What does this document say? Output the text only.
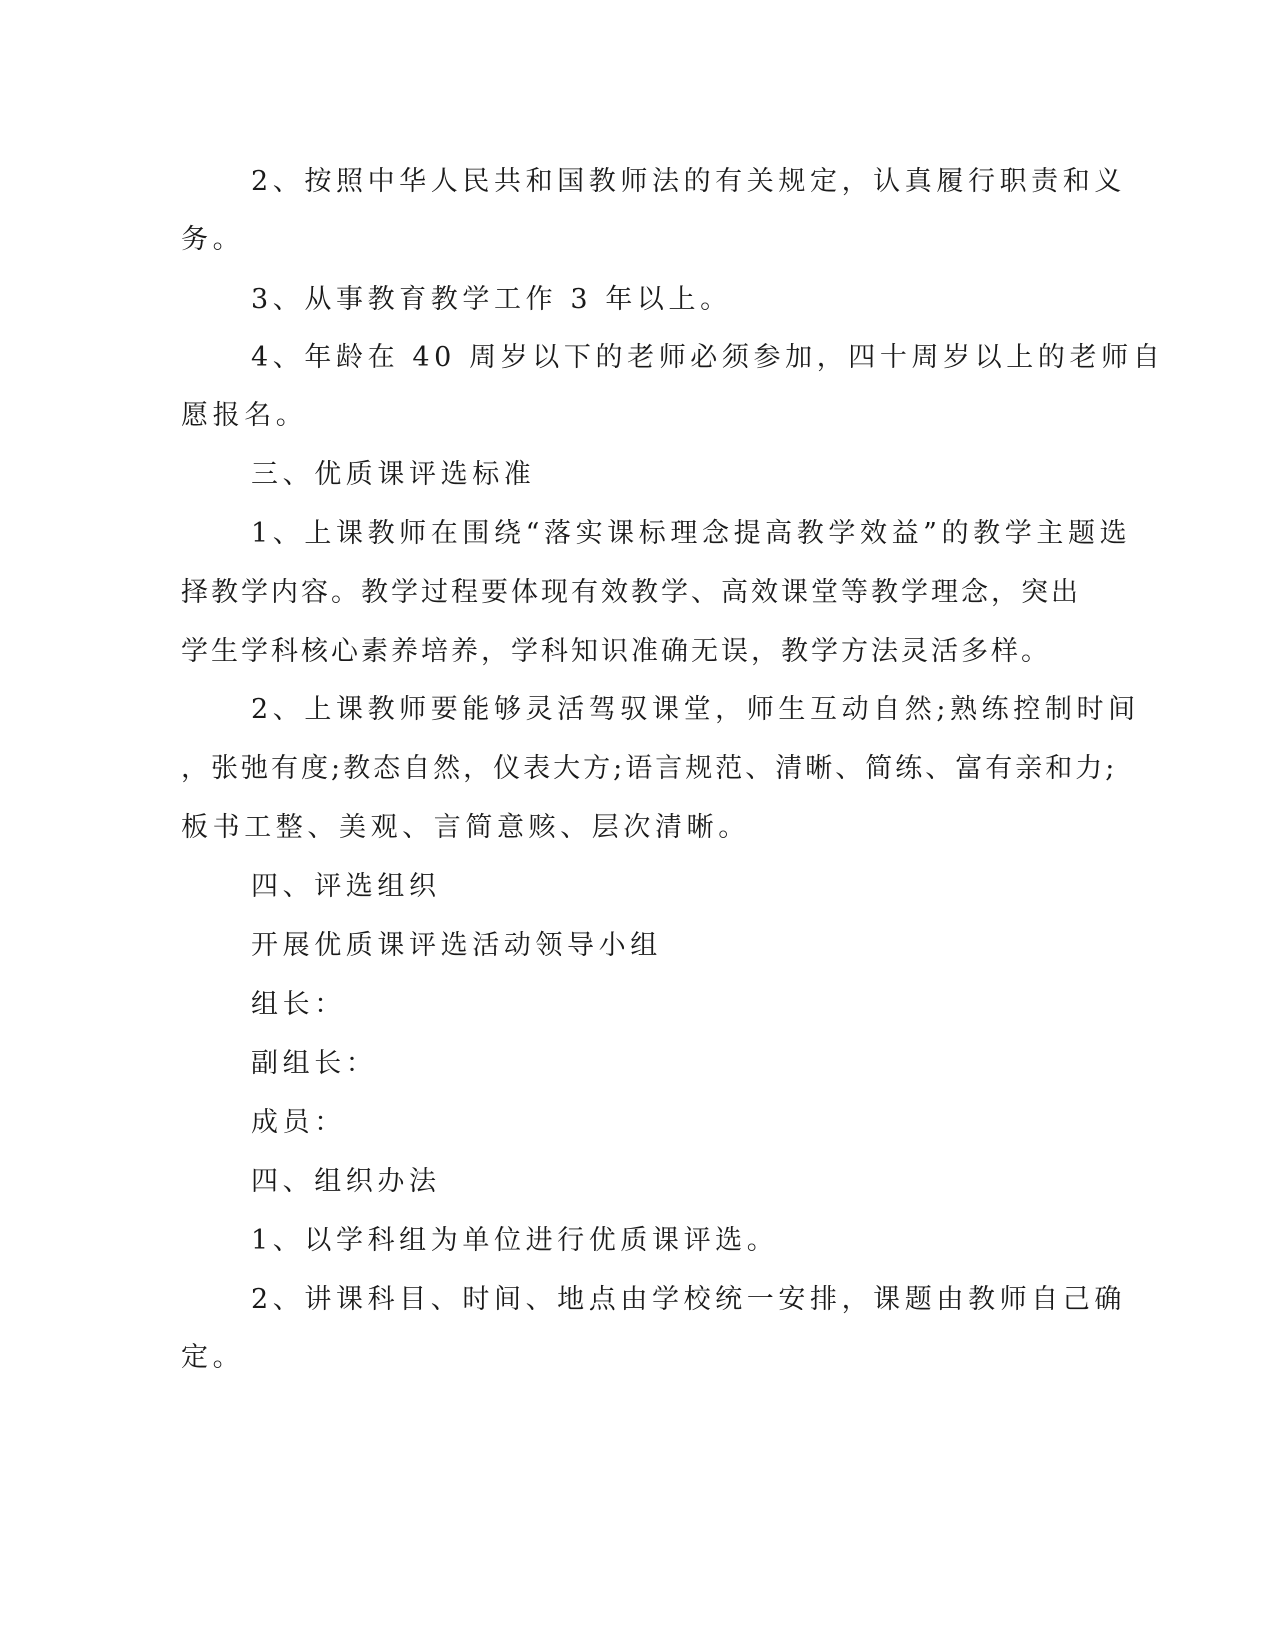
2、按照中华人民共和国教师法的有关规定，认真履行职责和义

务。

3、从事教育教学工作 3 年以上。

4、年龄在 40 周岁以下的老师必须参加，四十周岁以上的老师自

愿报名。

三、优质课评选标准

1、上课教师在围绕“落实课标理念提高教学效益”的教学主题选

择教学内容。教学过程要体现有效教学、高效课堂等教学理念，突出

学生学科核心素养培养，学科知识准确无误，教学方法灵活多样。

2、上课教师要能够灵活驾驭课堂，师生互动自然;熟练控制时间

，张弛有度;教态自然，仪表大方;语言规范、清晰、简练、富有亲和力;

板书工整、美观、言简意赅、层次清晰。

四、评选组织

开展优质课评选活动领导小组

组长：

副组长：

成员：

四、组织办法

1、以学科组为单位进行优质课评选。

2、讲课科目、时间、地点由学校统一安排，课题由教师自己确

定。
